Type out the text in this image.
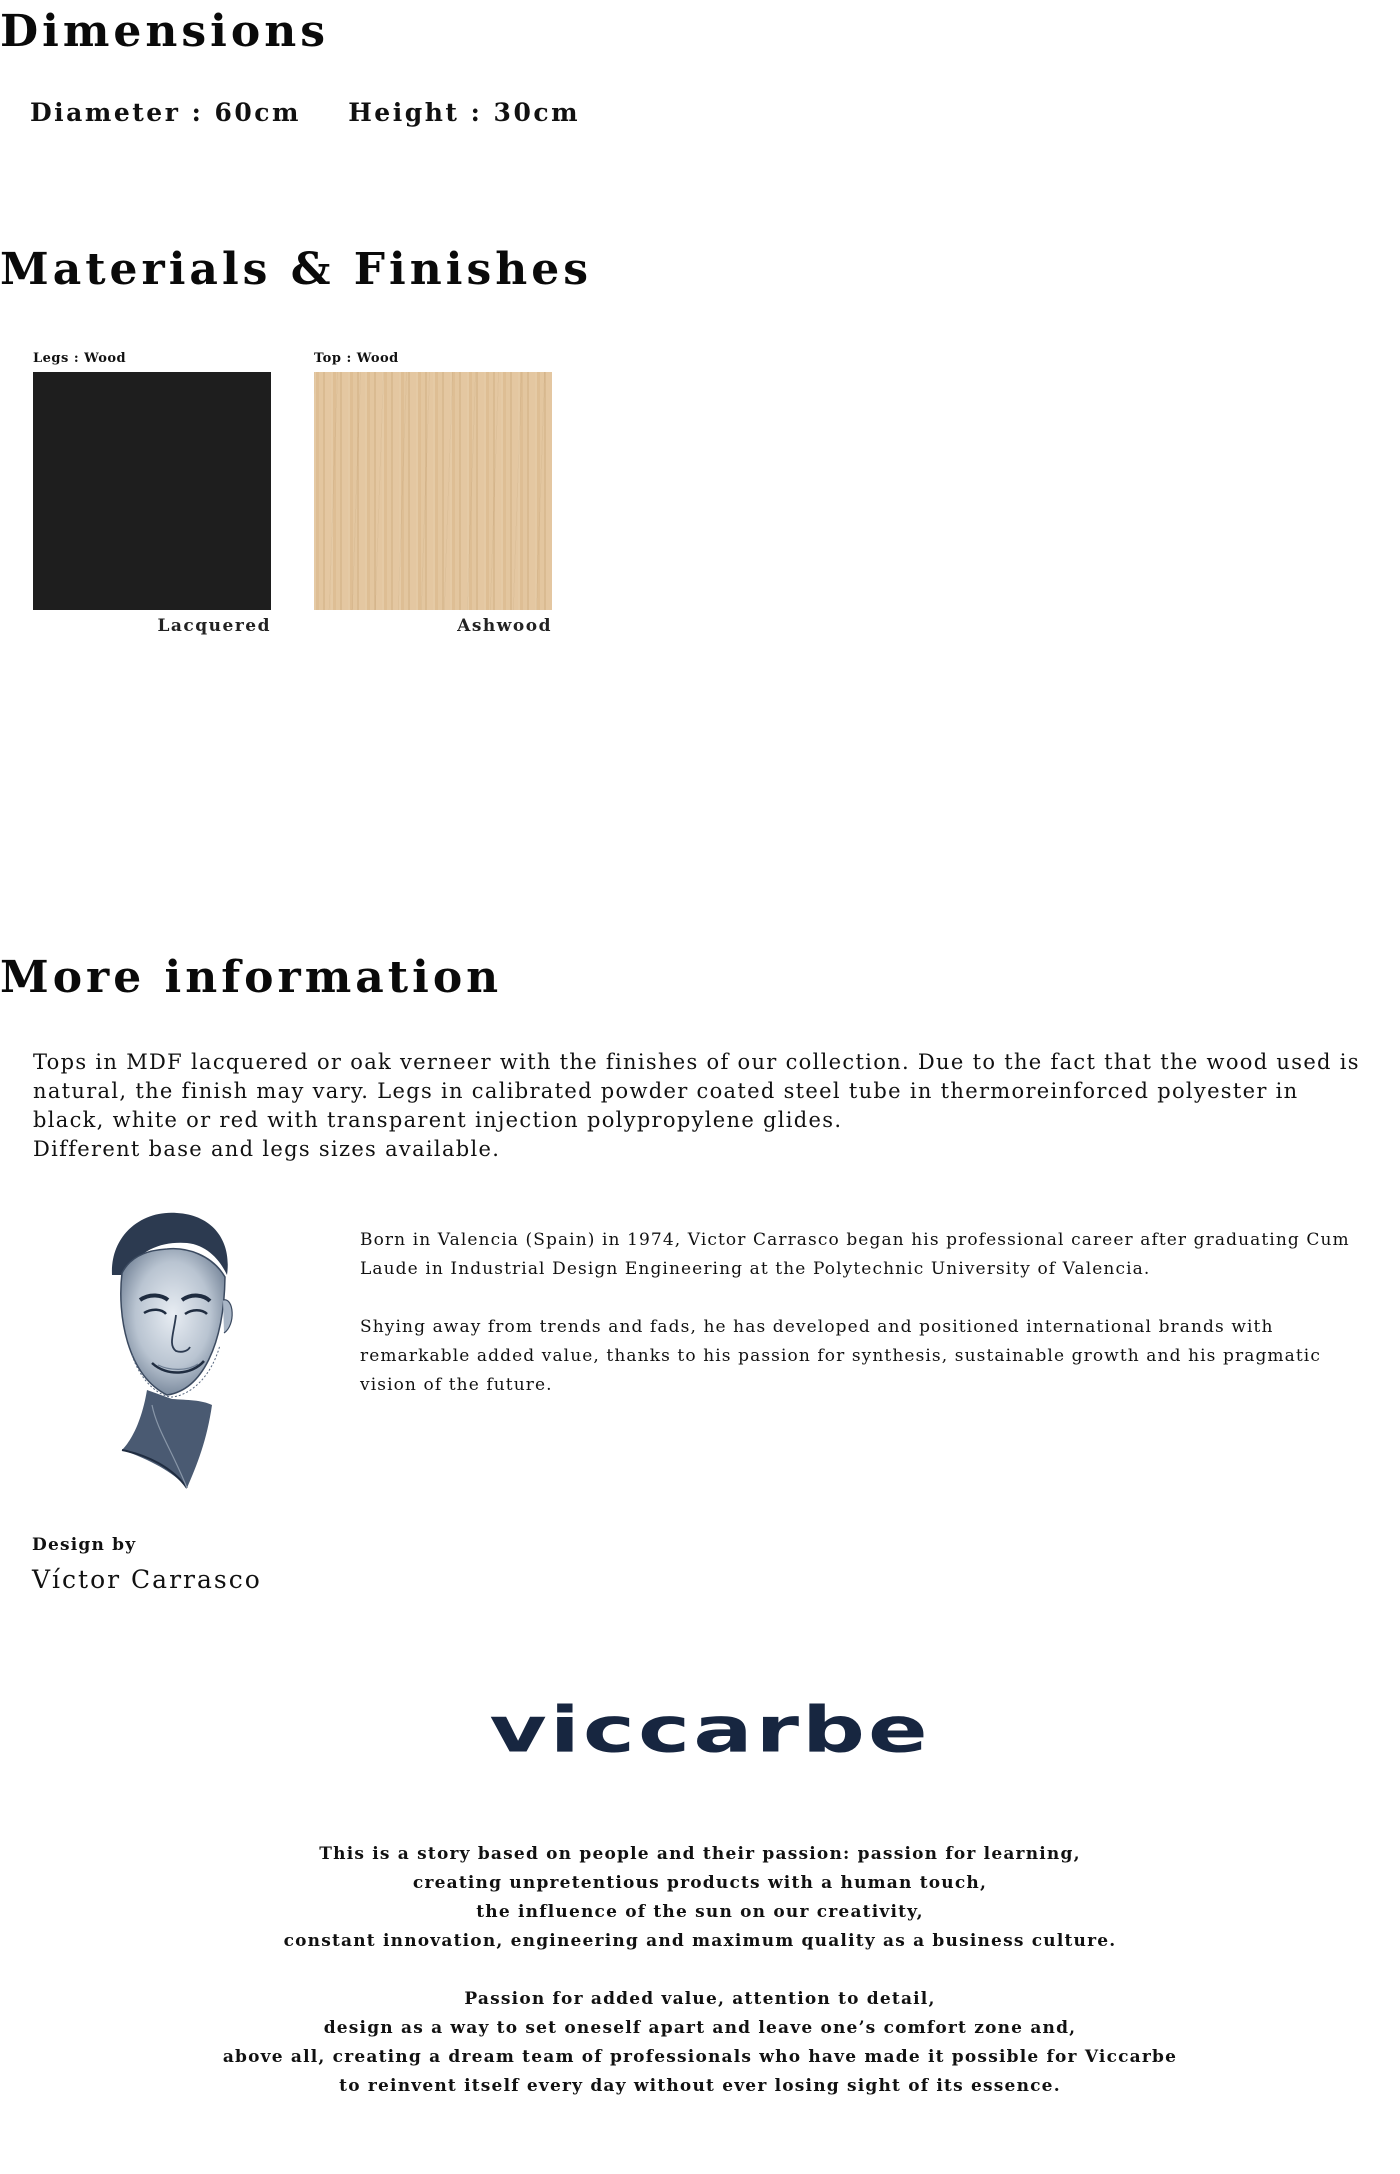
Dimensions
Diameter : 60cm Height : 30cm
Materials & Finishes
Legs : Wood
Lacquered
Top : Wood
Ashwood
More information

Tops in MDF lacquered or oak verneer with the finishes of our collection. Due to the fact that the wood used is natural, the finish may vary. Legs in calibrated powder coated steel tube in thermoreinforced polyester in black, white or red with transparent injection polypropylene glides.
Different base and legs sizes available.

Born in Valencia (Spain) in 1974, Victor Carrasco began his professional career after graduating Cum Laude in Industrial Design Engineering at the Polytechnic University of Valencia.

Shying away from trends and fads, he has developed and positioned international brands with remarkable added value, thanks to his passion for synthesis, sustainable growth and his pragmatic vision of the future.

Design by
Víctor Carrasco
viccarbe
This is a story based on people and their passion: passion for learning,
creating unpretentious products with a human touch,
the influence of the sun on our creativity,
constant innovation, engineering and maximum quality as a business culture.
Passion for added value, attention to detail,
design as a way to set oneself apart and leave one’s comfort zone and,
above all, creating a dream team of professionals who have made it possible for Viccarbe
to reinvent itself every day without ever losing sight of its essence.
